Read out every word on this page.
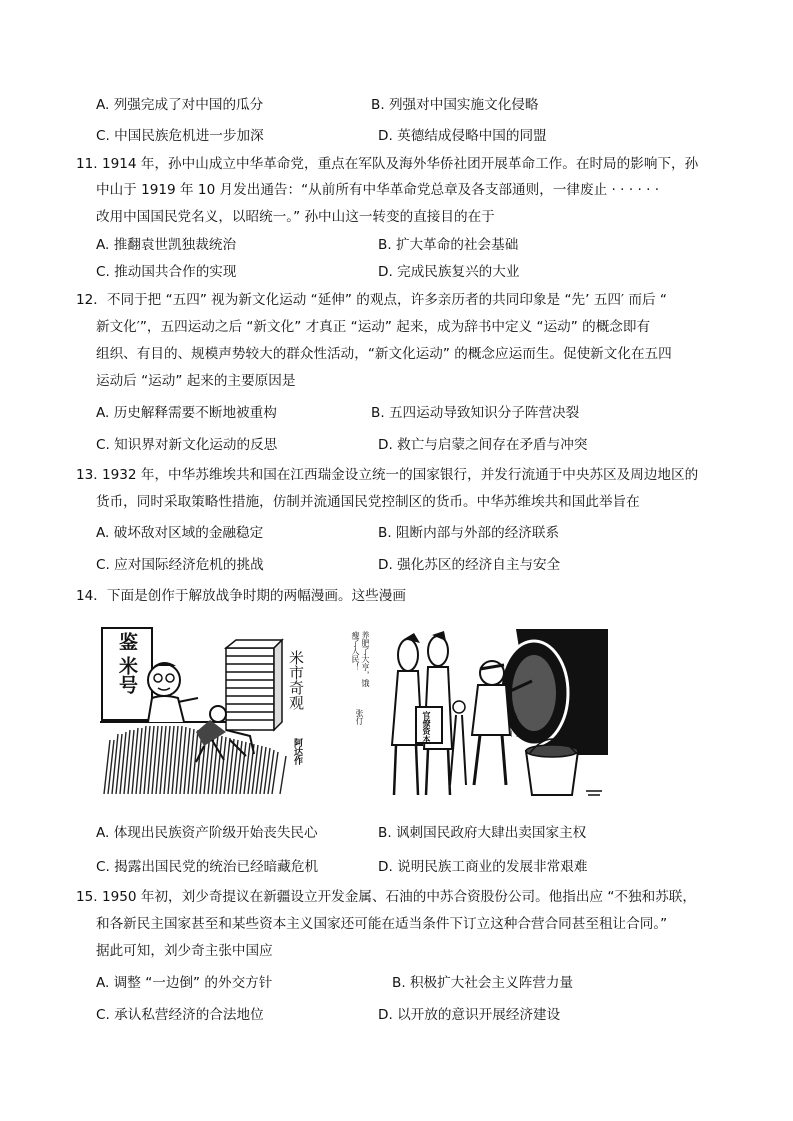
A. 列强完成了对中国的瓜分	B. 列强对中国实施文化侵略
C. 中国民族危机进一步加深	D. 英德结成侵略中国的同盟
11. 1914 年，孙中山成立中华革命党，重点在军队及海外华侨社团开展革命工作。在时局的影响下，孙
中山于 1919 年 10 月发出通告：“从前所有中华革命党总章及各支部通则，一律废止 · · · · · ·
改用中国国民党名义，以昭统一。” 孙中山这一转变的直接目的在于
A. 推翻袁世凯独裁统治	B. 扩大革命的社会基础
C. 推动国共合作的实现	D. 完成民族复兴的大业
12．不同于把 “五四” 视为新文化运动 “延伸” 的观点，许多亲历者的共同印象是 “先’ 五四′ 而后 “
新文化′”，五四运动之后 “新文化” 才真正 “运动” 起来，成为辞书中定义 “运动” 的概念即有
组织、有目的、规模声势较大的群众性活动，“新文化运动” 的概念应运而生。促使新文化在五四
运动后 “运动” 起来的主要原因是
A. 历史解释需要不断地被重构	B. 五四运动导致知识分子阵营决裂
C. 知识界对新文化运动的反思	D. 救亡与启蒙之间存在矛盾与冲突
13. 1932 年，中华苏维埃共和国在江西瑞金设立统一的国家银行，并发行流通于中央苏区及周边地区的
货币，同时采取策略性措施，仿制并流通国民党控制区的货币。中华苏维埃共和国此举旨在
A. 破坏敌对区域的金融稳定	B. 阻断内部与外部的经济联系
C. 应对国际经济危机的挑战	D. 强化苏区的经济自主与安全
14．下面是创作于解放战争时期的两幅漫画。这些漫画
鉴
米号	米市奇观
阿达作
养肥了大亨，饿瘦了人民！
张仃	官僚资本	杜鲁门
A. 体现出民族资产阶级开始丧失民心	B. 讽刺国民政府大肆出卖国家主权
C. 揭露出国民党的统治已经暗藏危机	D. 说明民族工商业的发展非常艰难
15. 1950 年初，刘少奇提议在新疆设立开发金属、石油的中苏合资股份公司。他指出应 “不独和苏联，
和各新民主国家甚至和某些资本主义国家还可能在适当条件下订立这种合营合同甚至租让合同。”
据此可知，刘少奇主张中国应
A. 调整 “一边倒” 的外交方针	B. 积极扩大社会主义阵营力量
C. 承认私营经济的合法地位	D. 以开放的意识开展经济建设
